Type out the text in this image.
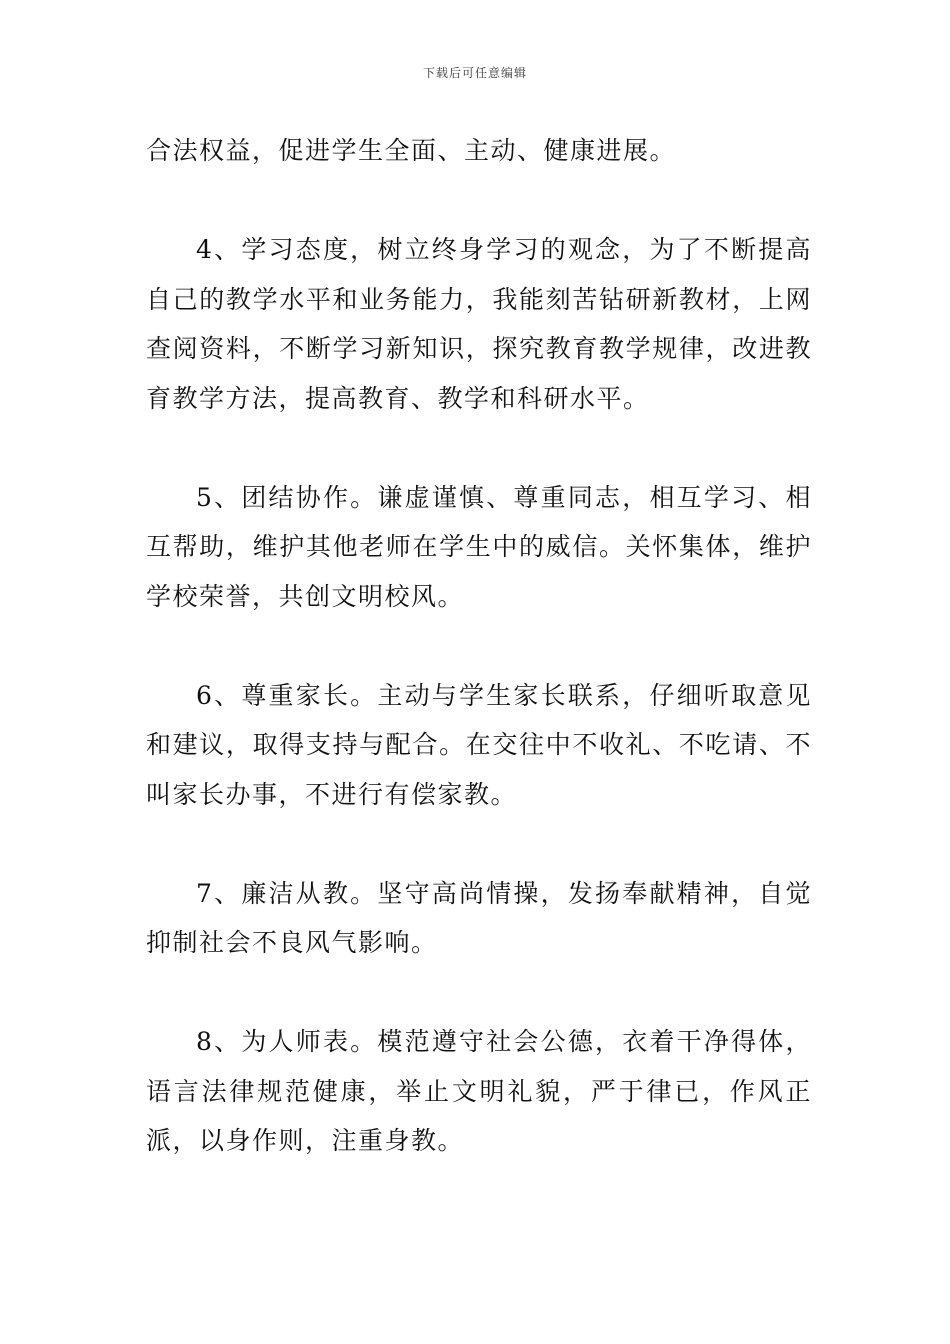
下载后可任意编辑

合法权益，促进学生全面、主动、健康进展。

4、学习态度，树立终身学习的观念，为了不断提高自己的教学水平和业务能力，我能刻苦钻研新教材，上网查阅资料，不断学习新知识，探究教育教学规律，改进教育教学方法，提高教育、教学和科研水平。

5、团结协作。谦虚谨慎、尊重同志，相互学习、相互帮助，维护其他老师在学生中的威信。关怀集体，维护学校荣誉，共创文明校风。

6、尊重家长。主动与学生家长联系，仔细听取意见和建议，取得支持与配合。在交往中不收礼、不吃请、不叫家长办事，不进行有偿家教。

7、廉洁从教。坚守高尚情操，发扬奉献精神，自觉抑制社会不良风气影响。

8、为人师表。模范遵守社会公德，衣着干净得体，语言法律规范健康，举止文明礼貌，严于律已，作风正派，以身作则，注重身教。
